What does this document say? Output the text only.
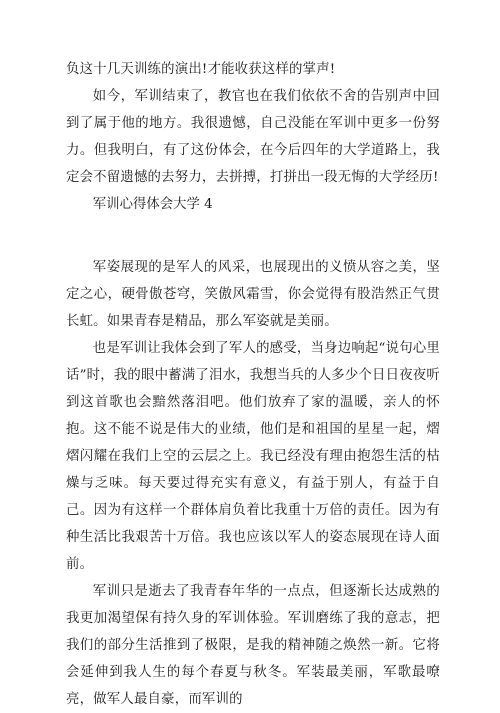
负这十几天训练的演出!才能收获这样的掌声!

如今，军训结束了，教官也在我们依依不舍的告别声中回到了属于他的地方。我很遗憾，自己没能在军训中更多一份努力。但我明白，有了这份体会，在今后四年的大学道路上，我定会不留遗憾的去努力，去拼搏，打拼出一段无悔的大学经历!

军训心得体会大学 4

军姿展现的是军人的风采，也展现出的义愤从容之美，坚定之心，硬骨傲苍穹，笑傲风霜雪，你会觉得有股浩然正气贯长虹。如果青春是精品，那么军姿就是美丽。

也是军训让我体会到了军人的感受，当身边响起“说句心里话”时，我的眼中蓄满了泪水，我想当兵的人多少个日日夜夜听到这首歌也会黯然落泪吧。他们放弃了家的温暖，亲人的怀抱。这不能不说是伟大的业绩，他们是和祖国的星星一起，熠熠闪耀在我们上空的云层之上。我已经没有理由抱怨生活的枯燥与乏味。每天要过得充实有意义，有益于别人，有益于自己。因为有这样一个群体肩负着比我重十万倍的责任。因为有种生活比我艰苦十万倍。我也应该以军人的姿态展现在诗人面前。

军训只是逝去了我青春年华的一点点，但逐渐长达成熟的我更加渴望保有持久身的军训体验。军训磨练了我的意志，把我们的部分生活推到了极限，是我的精神随之焕然一新。它将会延伸到我人生的每个春夏与秋冬。军装最美丽，军歌最嘹亮，做军人最自豪，而军训的
